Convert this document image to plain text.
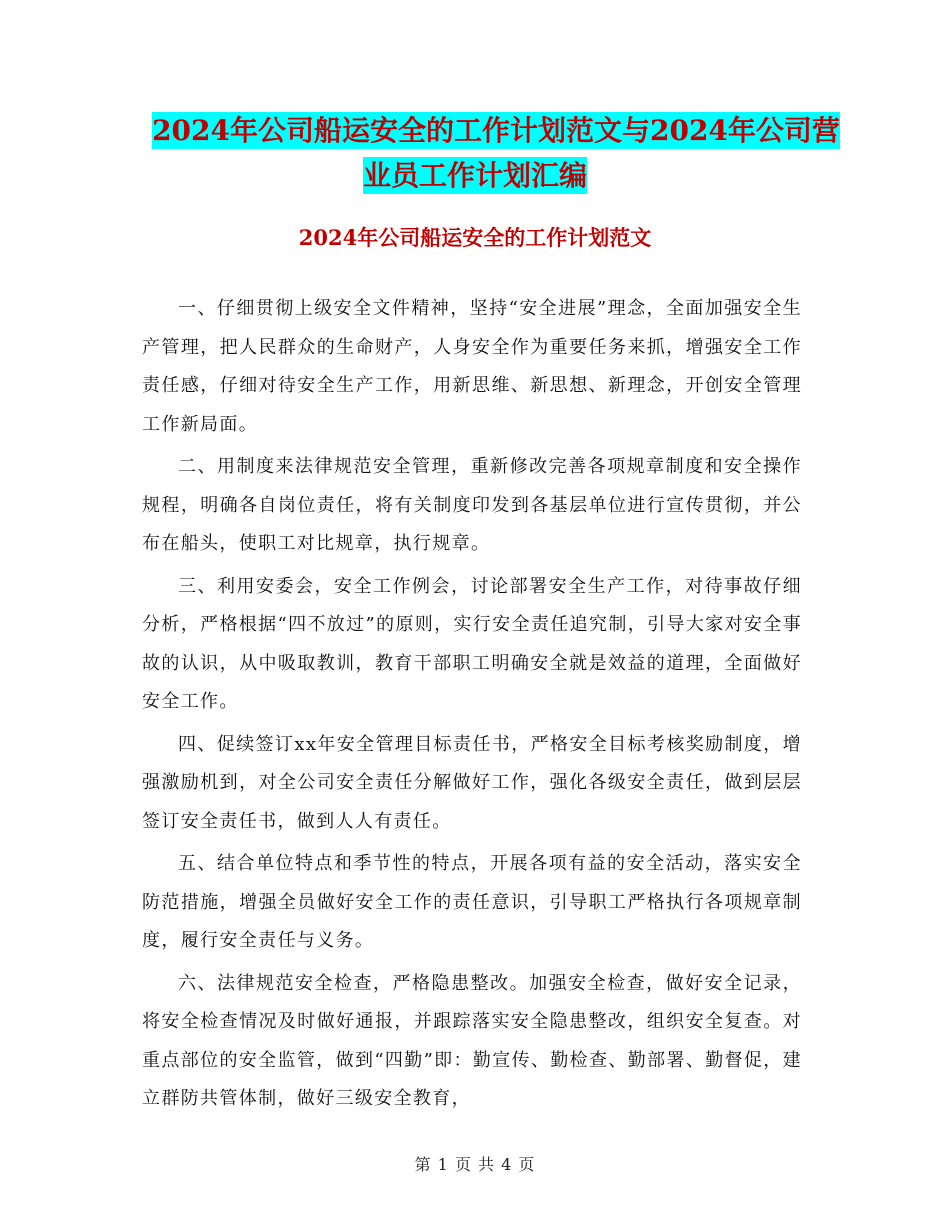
2024年公司船运安全的工作计划范文与2024年公司营
业员工作计划汇编
2024年公司船运安全的工作计划范文

一、仔细贯彻上级安全文件精神，坚持“安全进展”理念，全面加强安全生产管理，把人民群众的生命财产，人身安全作为重要任务来抓，增强安全工作责任感，仔细对待安全生产工作，用新思维、新思想、新理念，开创安全管理工作新局面。

二、用制度来法律规范安全管理，重新修改完善各项规章制度和安全操作规程，明确各自岗位责任，将有关制度印发到各基层单位进行宣传贯彻，并公布在船头，使职工对比规章，执行规章。

三、利用安委会，安全工作例会，讨论部署安全生产工作，对待事故仔细分析，严格根据“四不放过”的原则，实行安全责任追究制，引导大家对安全事故的认识，从中吸取教训，教育干部职工明确安全就是效益的道理，全面做好安全工作。

四、促续签订xx年安全管理目标责任书，严格安全目标考核奖励制度，增强激励机到，对全公司安全责任分解做好工作，强化各级安全责任，做到层层签订安全责任书，做到人人有责任。

五、结合单位特点和季节性的特点，开展各项有益的安全活动，落实安全防范措施，增强全员做好安全工作的责任意识，引导职工严格执行各项规章制度，履行安全责任与义务。

六、法律规范安全检查，严格隐患整改。加强安全检查，做好安全记录，将安全检查情况及时做好通报，并跟踪落实安全隐患整改，组织安全复查。对重点部位的安全监管，做到“四勤”即：勤宣传、勤检查、勤部署、勤督促，建立群防共管体制，做好三级安全教育，

第 1 页 共 4 页
